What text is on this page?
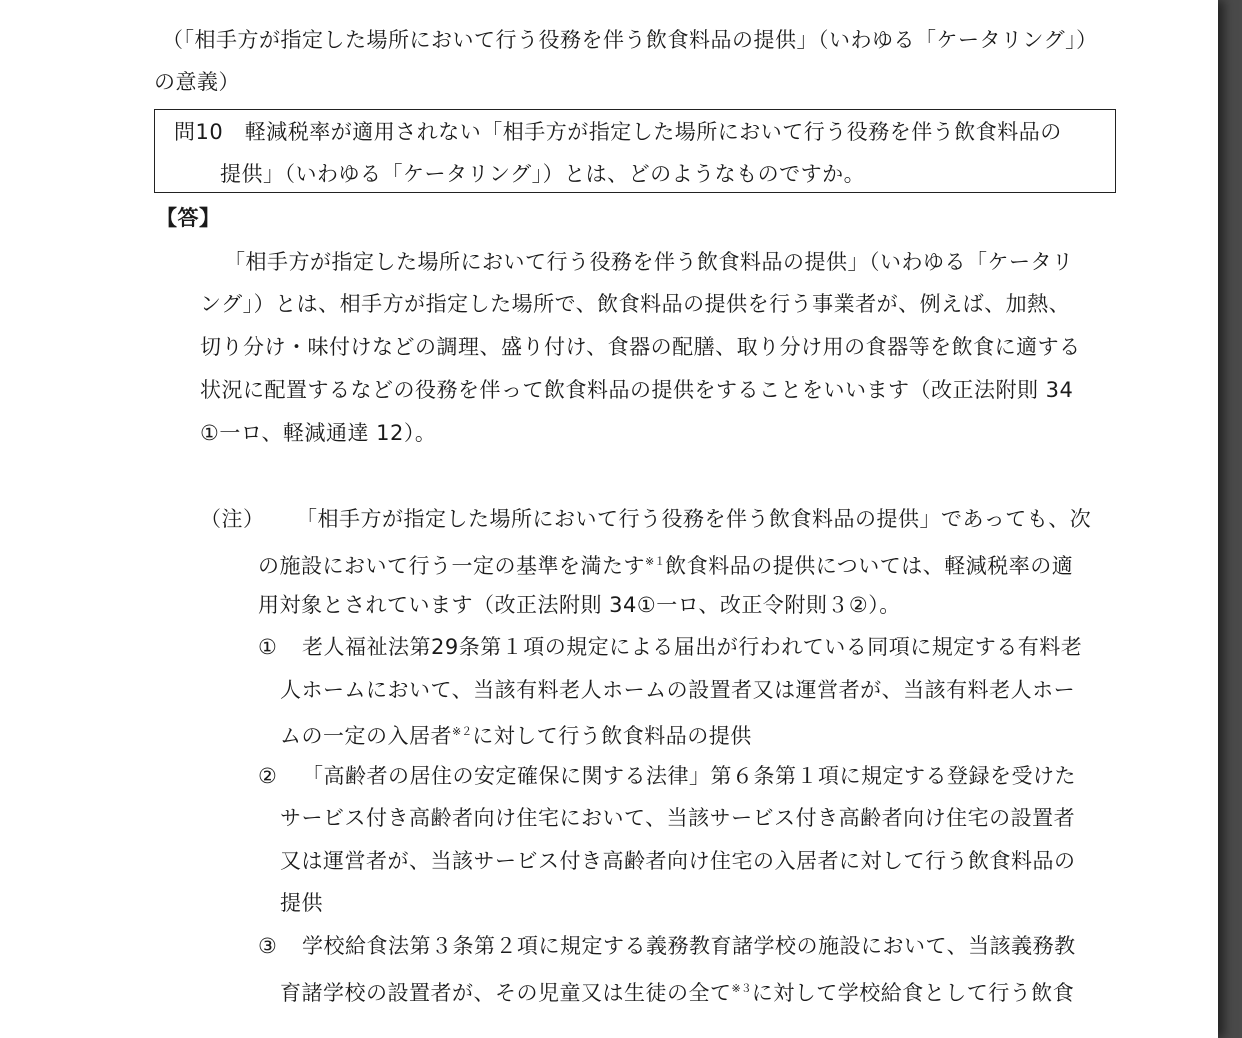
（「相手方が指定した場所において行う役務を伴う飲食料品の提供」（いわゆる「ケータリング」）
の意義）
問10　軽減税率が適用されない「相手方が指定した場所において行う役務を伴う飲食料品の
提供」（いわゆる「ケータリング」）とは、どのようなものですか。
【答】
「相手方が指定した場所において行う役務を伴う飲食料品の提供」（いわゆる「ケータリ
ング」）とは、相手方が指定した場所で、飲食料品の提供を行う事業者が、例えば、加熱、
切り分け・味付けなどの調理、盛り付け、食器の配膳、取り分け用の食器等を飲食に適する
状況に配置するなどの役務を伴って飲食料品の提供をすることをいいます（改正法附則 34
①一ロ、軽減通達 12）。
（注） 「相手方が指定した場所において行う役務を伴う飲食料品の提供」であっても、次
の施設において行う一定の基準を満たす$^{※1}$飲食料品の提供については、軽減税率の適
用対象とされています（改正法附則 34①一ロ、改正令附則３②）。
① 老人福祉法第29条第１項の規定による届出が行われている同項に規定する有料老
人ホームにおいて、当該有料老人ホームの設置者又は運営者が、当該有料老人ホー
ムの一定の入居者$^{※2}$に対して行う飲食料品の提供
② 「高齢者の居住の安定確保に関する法律」第６条第１項に規定する登録を受けた
サービス付き高齢者向け住宅において、当該サービス付き高齢者向け住宅の設置者
又は運営者が、当該サービス付き高齢者向け住宅の入居者に対して行う飲食料品の
提供
③ 学校給食法第３条第２項に規定する義務教育諸学校の施設において、当該義務教
育諸学校の設置者が、その児童又は生徒の全て$^{※3}$に対して学校給食として行う飲食
